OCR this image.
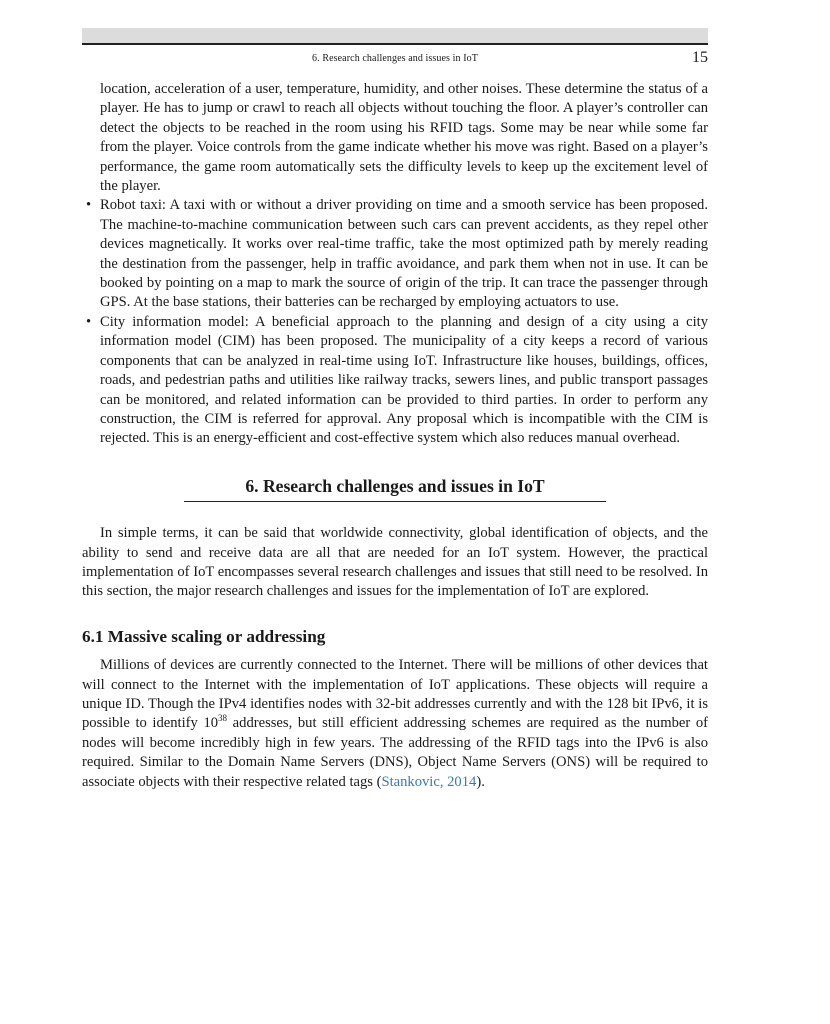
6. Research challenges and issues in IoT	15

location, acceleration of a user, temperature, humidity, and other noises. These determine the status of a player. He has to jump or crawl to reach all objects without touching the floor. A player’s controller can detect the objects to be reached in the room using his RFID tags. Some may be near while some far from the player. Voice controls from the game indicate whether his move was right. Based on a player’s performance, the game room automatically sets the difficulty levels to keep up the excitement level of the player.

• Robot taxi: A taxi with or without a driver providing on time and a smooth service has been proposed. The machine-to-machine communication between such cars can prevent accidents, as they repel other devices magnetically. It works over real-time traffic, take the most optimized path by merely reading the destination from the passenger, help in traffic avoidance, and park them when not in use. It can be booked by pointing on a map to mark the source of origin of the trip. It can trace the passenger through GPS. At the base stations, their batteries can be recharged by employing actuators to use.
• City information model: A beneficial approach to the planning and design of a city using a city information model (CIM) has been proposed. The municipality of a city keeps a record of various components that can be analyzed in real-time using IoT. Infrastructure like houses, buildings, offices, roads, and pedestrian paths and utilities like railway tracks, sewers lines, and public transport passages can be monitored, and related information can be provided to third parties. In order to perform any construction, the CIM is referred for approval. Any proposal which is incompatible with the CIM is rejected. This is an energy-efficient and cost-effective system which also reduces manual overhead.
6. Research challenges and issues in IoT

In simple terms, it can be said that worldwide connectivity, global identification of objects, and the ability to send and receive data are all that are needed for an IoT system. However, the practical implementation of IoT encompasses several research challenges and issues that still need to be resolved. In this section, the major research challenges and issues for the implementation of IoT are explored.

6.1 Massive scaling or addressing

Millions of devices are currently connected to the Internet. There will be millions of other devices that will connect to the Internet with the implementation of IoT applications. These objects will require a unique ID. Though the IPv4 identifies nodes with 32-bit addresses currently and with the 128 bit IPv6, it is possible to identify $10^{38}$ addresses, but still efficient addressing schemes are required as the number of nodes will become incredibly high in few years. The addressing of the RFID tags into the IPv6 is also required. Similar to the Domain Name Servers (DNS), Object Name Servers (ONS) will be required to associate objects with their respective related tags (Stankovic, 2014).
